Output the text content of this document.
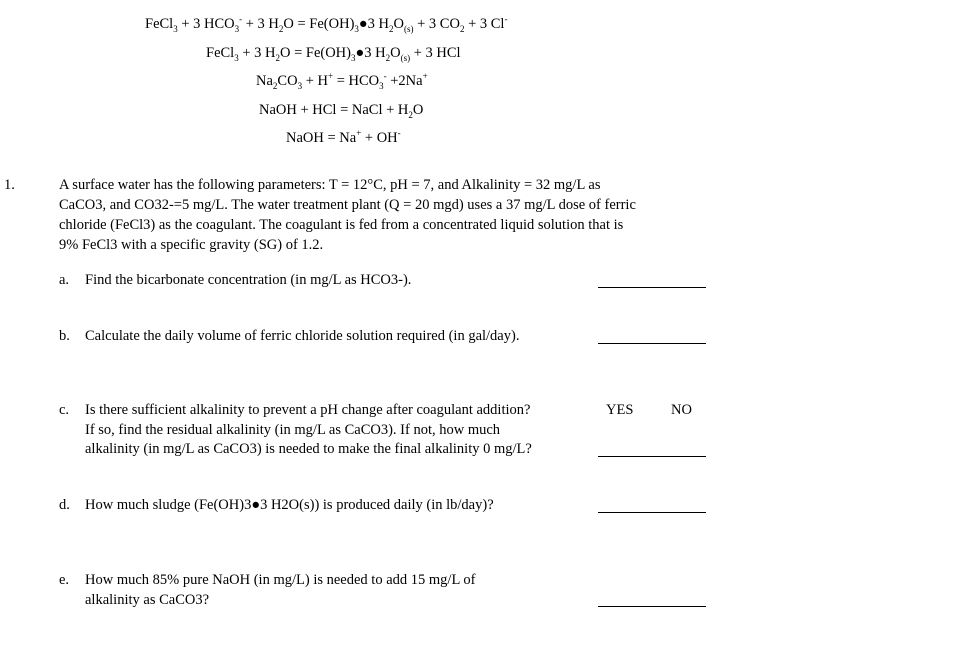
FeCl$_3$ + 3 $HCO_3^- + 3$ $H_2O$ = $Fe(OH)_3●3$ $H_2O_{(s)} + 3$ $CO_2 + 3$ Cl-
FeCl$_3$ + 3 $H_2O$ = $Fe(OH)_3●3$ $H_2O_{(s)} + 3$ HCl
$Na_2CO_3 + H^+ = HCO_3^- +2Na^+$
NaOH + HCl = NaCl + $H_2O$
NaOH = Na+ + OH-
1.	A surface water has the following parameters: T = 12°C, pH = 7, and Alkalinity = 32 mg/L as
CaCO3, and CO32-=5 mg/L. The water treatment plant (Q = 20 mgd) uses a 37 mg/L dose of ferric
chloride (FeCl3) as the coagulant. The coagulant is fed from a concentrated liquid solution that is
9% FeCl3 with a specific gravity (SG) of 1.2.
a. Find the bicarbonate concentration (in mg/L as HCO3-).
b. Calculate the daily volume of ferric chloride solution required (in gal/day).
c. Is there sufficient alkalinity to prevent a pH change after coagulant addition?	YES	NO
If so, find the residual alkalinity (in mg/L as CaCO3). If not, how much
alkalinity (in mg/L as CaCO3) is needed to make the final alkalinity 0 mg/L?
d. How much sludge (Fe(OH)3●3 H2O(s)) is produced daily (in lb/day)?
e. How much 85% pure NaOH (in mg/L) is needed to add 15 mg/L of
alkalinity as CaCO3?
